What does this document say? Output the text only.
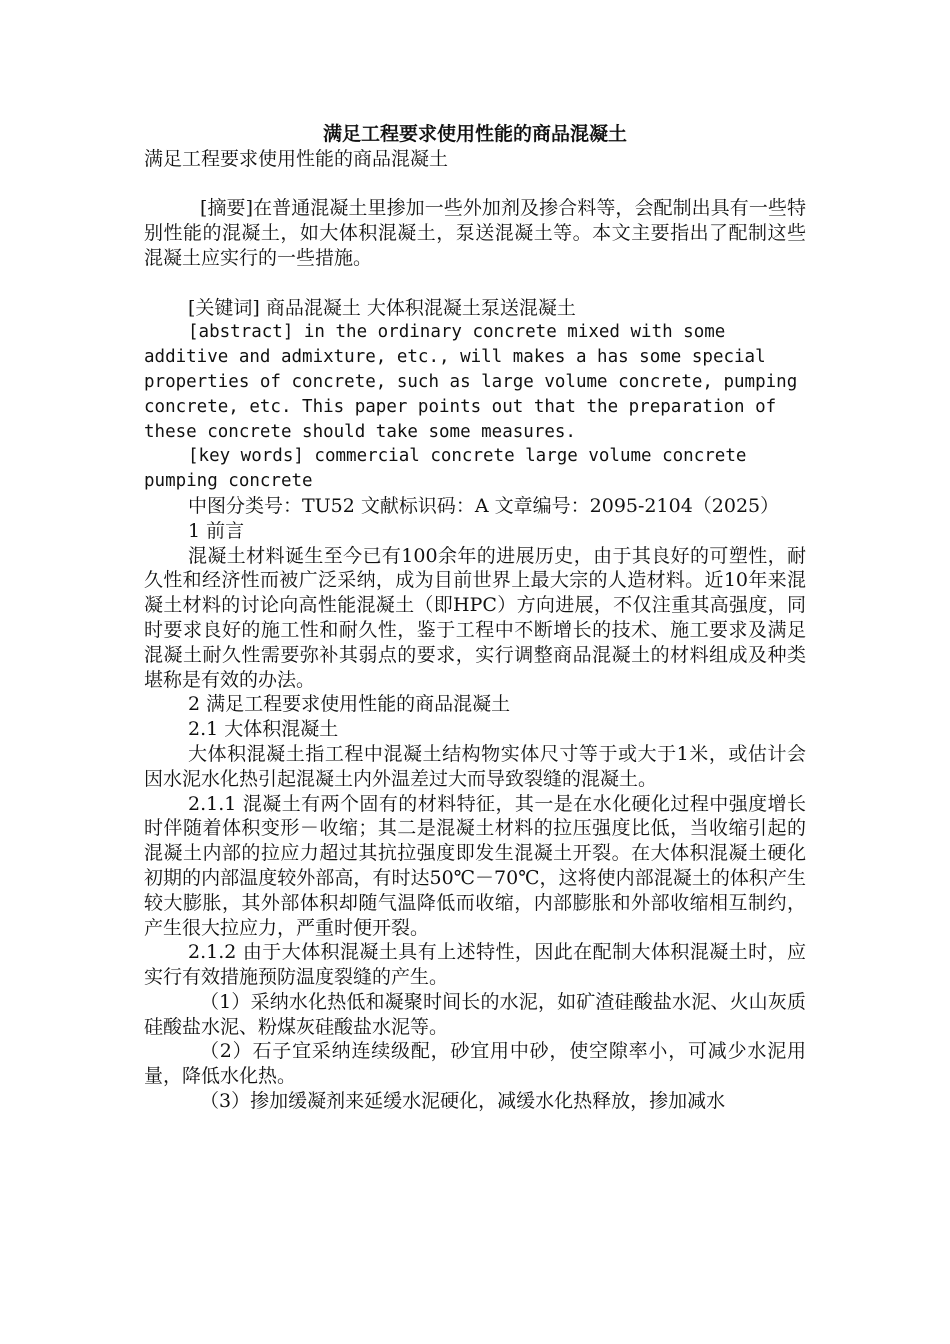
满足工程要求使用性能的商品混凝土

满足工程要求使用性能的商品混凝土

[摘要]在普通混凝土里掺加一些外加剂及掺合料等，会配制出具有一些特别性能的混凝土，如大体积混凝土，泵送混凝土等。本文主要指出了配制这些混凝土应实行的一些措施。

[关键词] 商品混凝土 大体积混凝土泵送混凝土

[abstract] in the ordinary concrete mixed with some additive and admixture, etc., will makes a has some special properties of concrete, such as large volume concrete, pumping concrete, etc. This paper points out that the preparation of these concrete should take some measures.

[key words] commercial concrete large volume concrete pumping concrete

中图分类号：TU52 文献标识码：A 文章编号：2095-2104（2025）

1 前言

混凝土材料诞生至今已有100余年的进展历史，由于其良好的可塑性，耐久性和经济性而被广泛采纳，成为目前世界上最大宗的人造材料。近10年来混凝土材料的讨论向高性能混凝土（即HPC）方向进展，不仅注重其高强度，同时要求良好的施工性和耐久性，鉴于工程中不断增长的技术、施工要求及满足混凝土耐久性需要弥补其弱点的要求，实行调整商品混凝土的材料组成及种类堪称是有效的办法。

2 满足工程要求使用性能的商品混凝土

2.1 大体积混凝土

大体积混凝土指工程中混凝土结构物实体尺寸等于或大于1米，或估计会因水泥水化热引起混凝土内外温差过大而导致裂缝的混凝土。

2.1.1 混凝土有两个固有的材料特征，其一是在水化硬化过程中强度增长时伴随着体积变形－收缩；其二是混凝土材料的拉压强度比低，当收缩引起的混凝土内部的拉应力超过其抗拉强度即发生混凝土开裂。在大体积混凝土硬化初期的内部温度较外部高，有时达50℃－70℃，这将使内部混凝土的体积产生较大膨胀，其外部体积却随气温降低而收缩，内部膨胀和外部收缩相互制约，产生很大拉应力，严重时便开裂。

2.1.2 由于大体积混凝土具有上述特性，因此在配制大体积混凝土时，应实行有效措施预防温度裂缝的产生。

（1）采纳水化热低和凝聚时间长的水泥，如矿渣硅酸盐水泥、火山灰质硅酸盐水泥、粉煤灰硅酸盐水泥等。

（2）石子宜采纳连续级配，砂宜用中砂，使空隙率小，可减少水泥用量，降低水化热。

（3）掺加缓凝剂来延缓水泥硬化，减缓水化热释放，掺加减水
